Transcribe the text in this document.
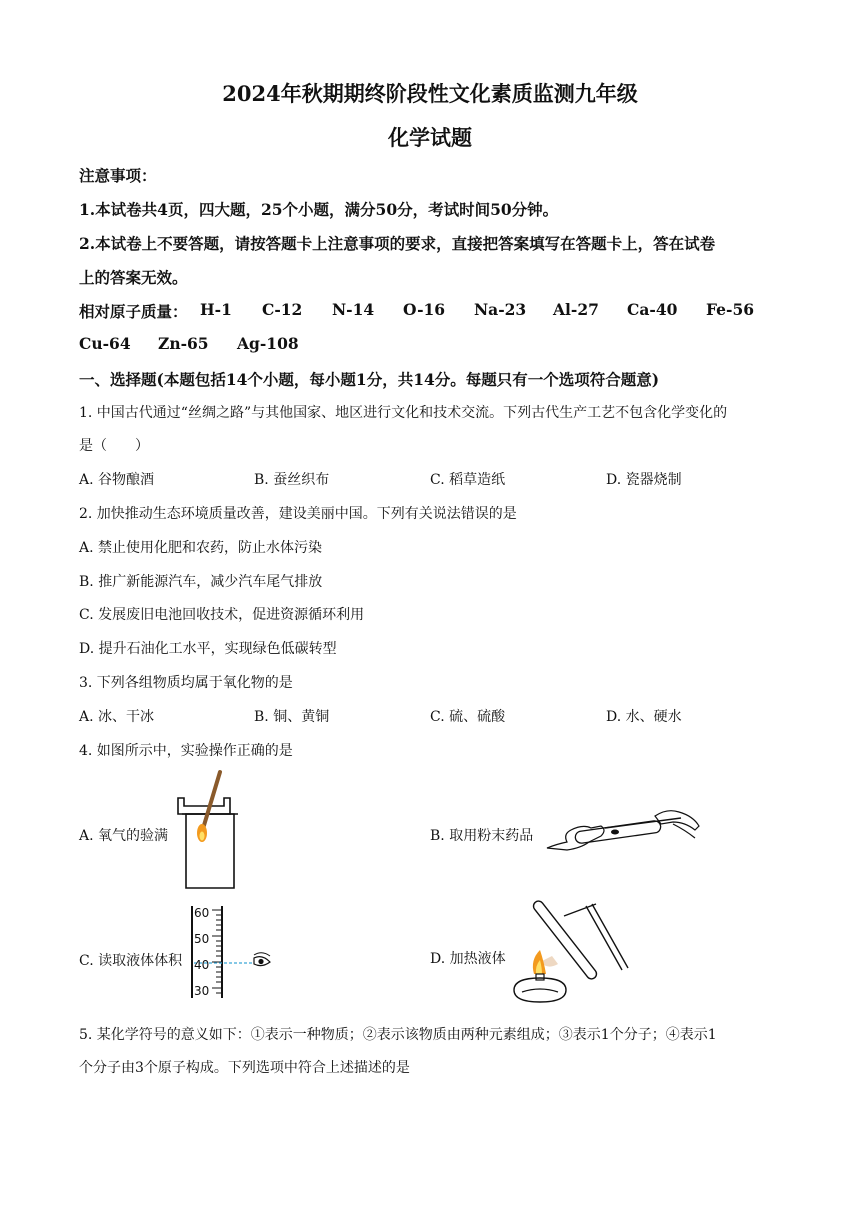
2024年秋期期终阶段性文化素质监测九年级
化学试题
注意事项：
1.本试卷共4页，四大题，25个小题，满分50分，考试时间50分钟。
2.本试卷上不要答题，请按答题卡上注意事项的要求，直接把答案填写在答题卡上，答在试卷
上的答案无效。
相对原子质量： H-1 C-12 N-14 O-16 Na-23 Al-27 Ca-40 Fe-56
Cu-64 Zn-65 Ag-108
一、选择题(本题包括14个小题，每小题1分，共14分。每题只有一个选项符合题意)
1. 中国古代通过“丝绸之路”与其他国家、地区进行文化和技术交流。下列古代生产工艺不包含化学变化的
是（　　）
A. 谷物酿酒	B. 蚕丝织布	C. 稻草造纸	D. 瓷器烧制
2. 加快推动生态环境质量改善，建设美丽中国。下列有关说法错误的是
A. 禁止使用化肥和农药，防止水体污染
B. 推广新能源汽车，减少汽车尾气排放
C. 发展废旧电池回收技术，促进资源循环利用
D. 提升石油化工水平，实现绿色低碳转型
3. 下列各组物质均属于氧化物的是
A. 冰、干冰	B. 铜、黄铜	C. 硫、硫酸	D. 水、硬水
4. 如图所示中，实验操作正确的是
A. 氧气的验满	B. 取用粉末药品
C. 读取液体体积
60
50
40
30
D. 加热液体
5. 某化学符号的意义如下：①表示一种物质；②表示该物质由两种元素组成；③表示1个分子；④表示1
个分子由3个原子构成。下列选项中符合上述描述的是
